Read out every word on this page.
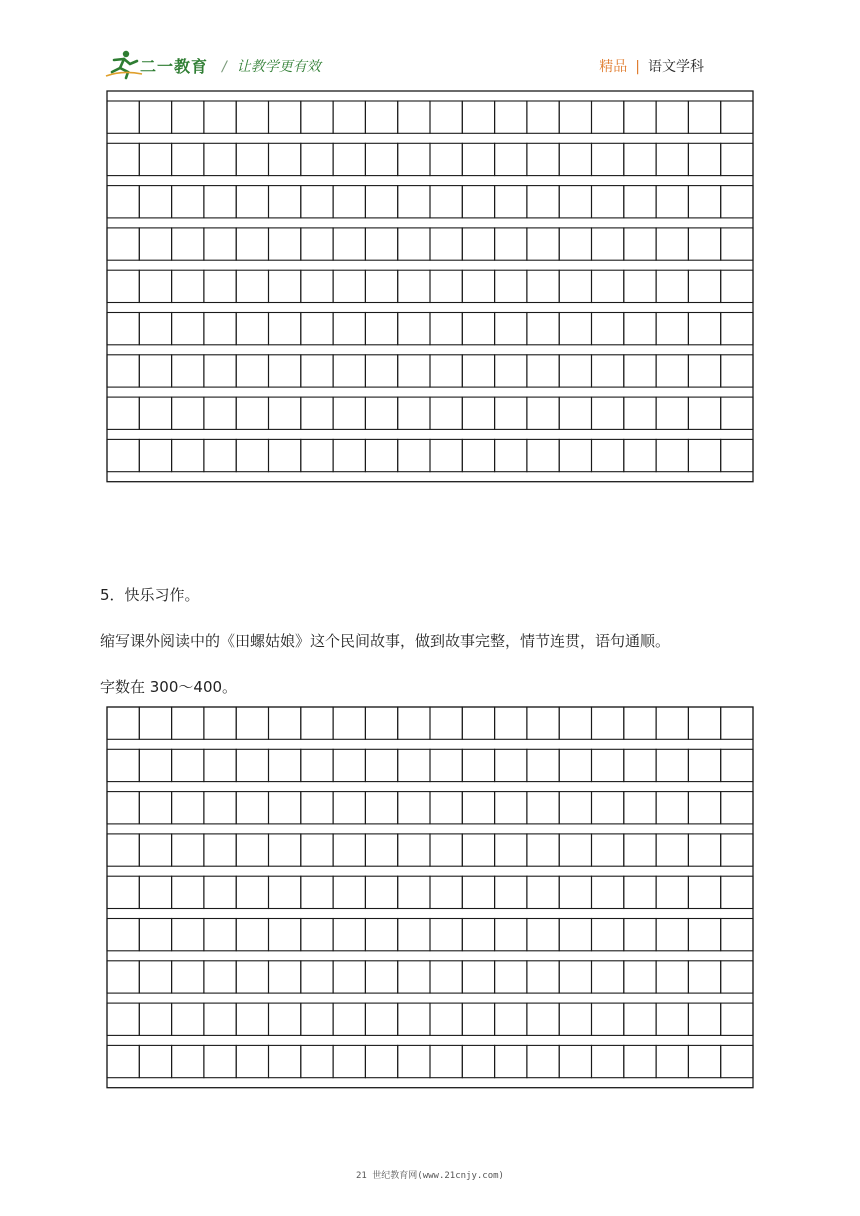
二一教育 / 让教学更有效	精品 | 语文学科
5．快乐习作。
缩写课外阅读中的《田螺姑娘》这个民间故事，做到故事完整，情节连贯，语句通顺。
字数在 300～400。
21 世纪教育网(www.21cnjy.com)
